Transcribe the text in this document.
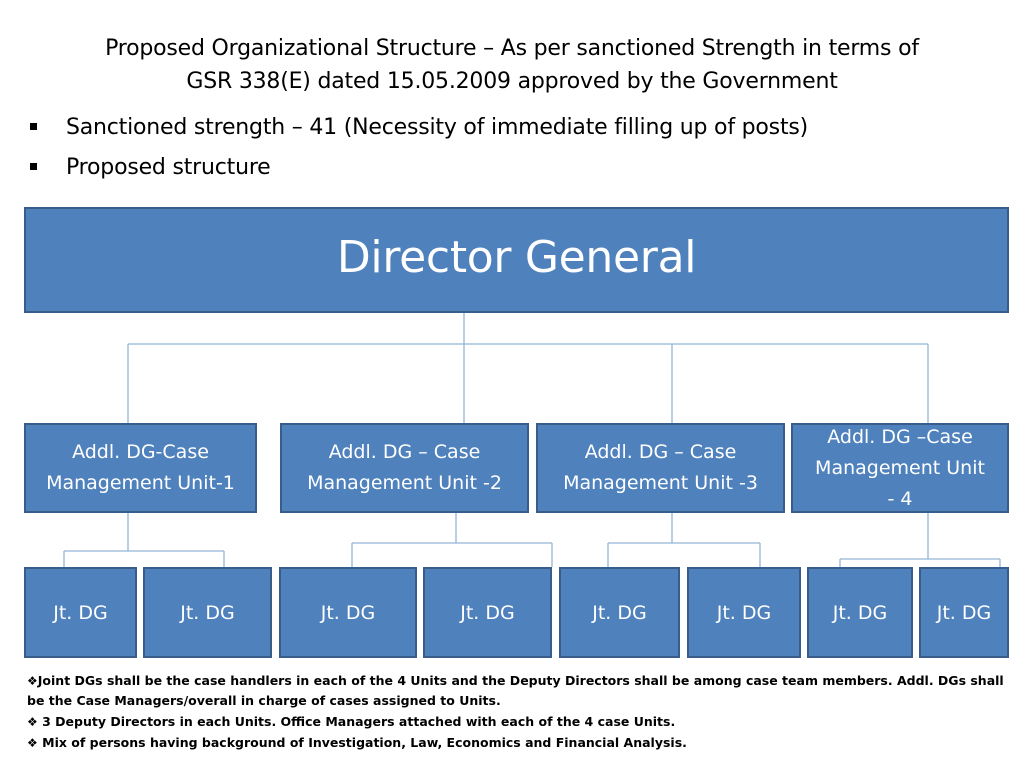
Proposed Organizational Structure – As per sanctioned Strength in terms of
GSR 338(E) dated 15.05.2009 approved by the Government
Sanctioned strength – 41 (Necessity of immediate filling up of posts)
Proposed structure
Director General
Addl. DG-Case Management Unit-1
Addl. DG – Case Management Unit -2
Addl. DG – Case Management Unit -3
Addl. DG –Case Management Unit - 4
Jt. DG	Jt. DG	Jt. DG	Jt. DG	Jt. DG	Jt. DG	Jt. DG	Jt. DG

❖Joint DGs shall be the case handlers in each of the 4 Units and the Deputy Directors shall be among case team members. Addl. DGs shall be the Case Managers/overall in charge of cases assigned to Units.

❖ 3 Deputy Directors in each Units. Office Managers attached with each of the 4 case Units.

❖ Mix of persons having background of Investigation, Law, Economics and Financial Analysis.
